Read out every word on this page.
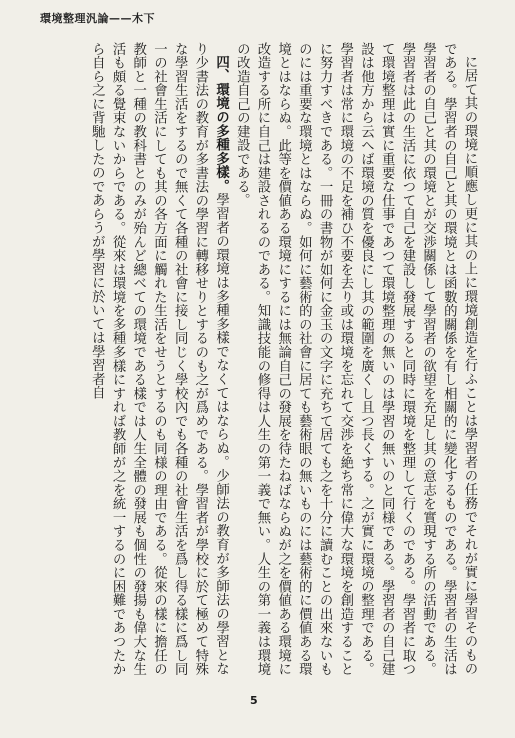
環境整理汎論——木下

に居て其の環境に順應し更に其の上に環境創造を行ふことは學習者の任務でそれが實に學習そのものである。學習者の自己と其の環境とは函數的關係を有し相關的に變化するものである。學習者の生活は學習者の自己と其の環境とが交渉關係して學習者の欲望を充足し其の意志を實現する所の活動である。學習者は此の生活に依つて自己を建設し發展すると同時に環境を整理して行くのである。學習者に取つて環境整理は實に重要な仕事であつて環境整理の無いのは學習の無いのと同様である。學習者の自己建設は他方から云へば環境の質を優良にし其の範圍を廣くし且つ長くする。之が實に環境の整理である。學習者は常に環境の不足を補ひ不要を去り或は環境を忘れて交渉を絶ち常に偉大な環境を創造することに努力すべきである。一冊の書物が如何に金玉の文字に充ちて居ても之を十分に讀むことの出來ないものには重要な環境とはならぬ。如何に藝術的の社會に居ても藝術眼の無いものには藝術的に價値ある環境とはならぬ。此等を價値ある環境にするには無論自己の發展を待たねばならぬが之を價値ある環境に改造する所に自己は建設されるのである。知識技能の修得は人生の第一義で無い。人生の第一義は環境の改造自己の建設である。

四、環境の多種多樣。學習者の環境は多種多樣でなくてはならぬ。少師法の教育が多師法の學習となり少書法の教育が多書法の學習に轉移せりとするのも之が爲めである。學習者が學校に於て極めて特殊な學習生活をするので無くて各種の社會に接し同じく學校內でも各種の社會生活を爲し得る樣に爲し同一の社會生活にしても其の各方面に觸れた生活をせうとするのも同様の理由である。從來の樣に擔任の教師と一種の教科書とのみが殆んど總べての環境である樣では人生全體の發展も個性の發揚も偉大な生活も頗る覺束ないからである。從來は環境を多種多樣にすれば教師が之を統一するのに困難であつたから自ら之に背馳したのであらうが學習に於いては學習者自

5
